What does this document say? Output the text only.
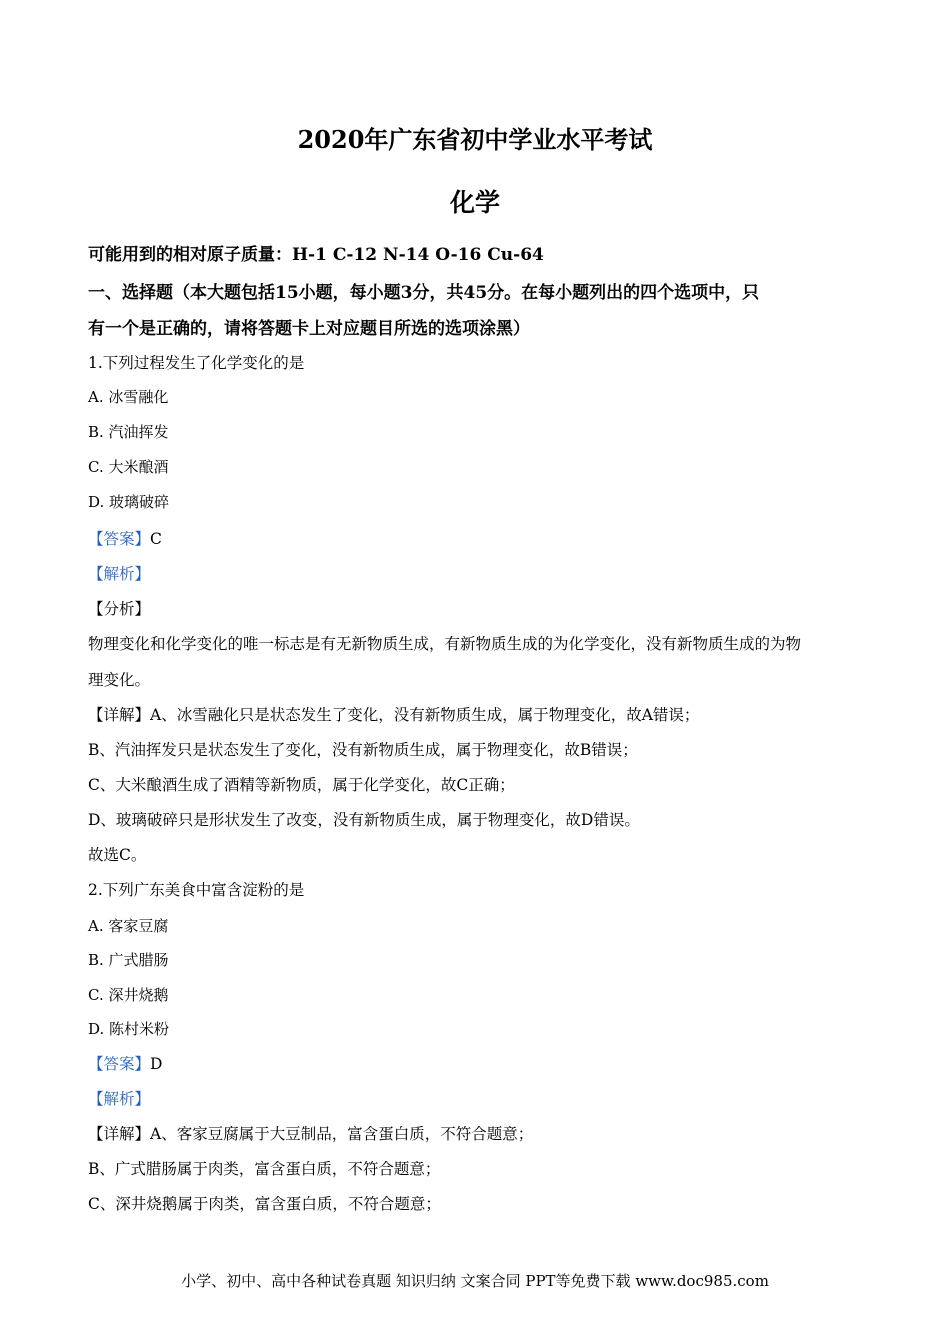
2020年广东省初中学业水平考试
化学
可能用到的相对原子质量：H-1 C-12 N-14 O-16 Cu-64
一、选择题（本大题包括15小题，每小题3分，共45分。在每小题列出的四个选项中，只
有一个是正确的，请将答题卡上对应题目所选的选项涂黑）
1.下列过程发生了化学变化的是
A. 冰雪融化
B. 汽油挥发
C. 大米酿酒
D. 玻璃破碎
【答案】C
【解析】
【分析】
物理变化和化学变化的唯一标志是有无新物质生成，有新物质生成的为化学变化，没有新物质生成的为物
理变化。
【详解】A、冰雪融化只是状态发生了变化，没有新物质生成，属于物理变化，故A错误；
B、汽油挥发只是状态发生了变化，没有新物质生成，属于物理变化，故B错误；
C、大米酿酒生成了酒精等新物质，属于化学变化，故C正确；
D、玻璃破碎只是形状发生了改变，没有新物质生成，属于物理变化，故D错误。
故选C。
2.下列广东美食中富含淀粉的是
A. 客家豆腐
B. 广式腊肠
C. 深井烧鹅
D. 陈村米粉
【答案】D
【解析】
【详解】A、客家豆腐属于大豆制品，富含蛋白质，不符合题意；
B、广式腊肠属于肉类，富含蛋白质，不符合题意；
C、深井烧鹅属于肉类，富含蛋白质，不符合题意；
小学、初中、高中各种试卷真题 知识归纳 文案合同 PPT等免费下载 www.doc985.com
